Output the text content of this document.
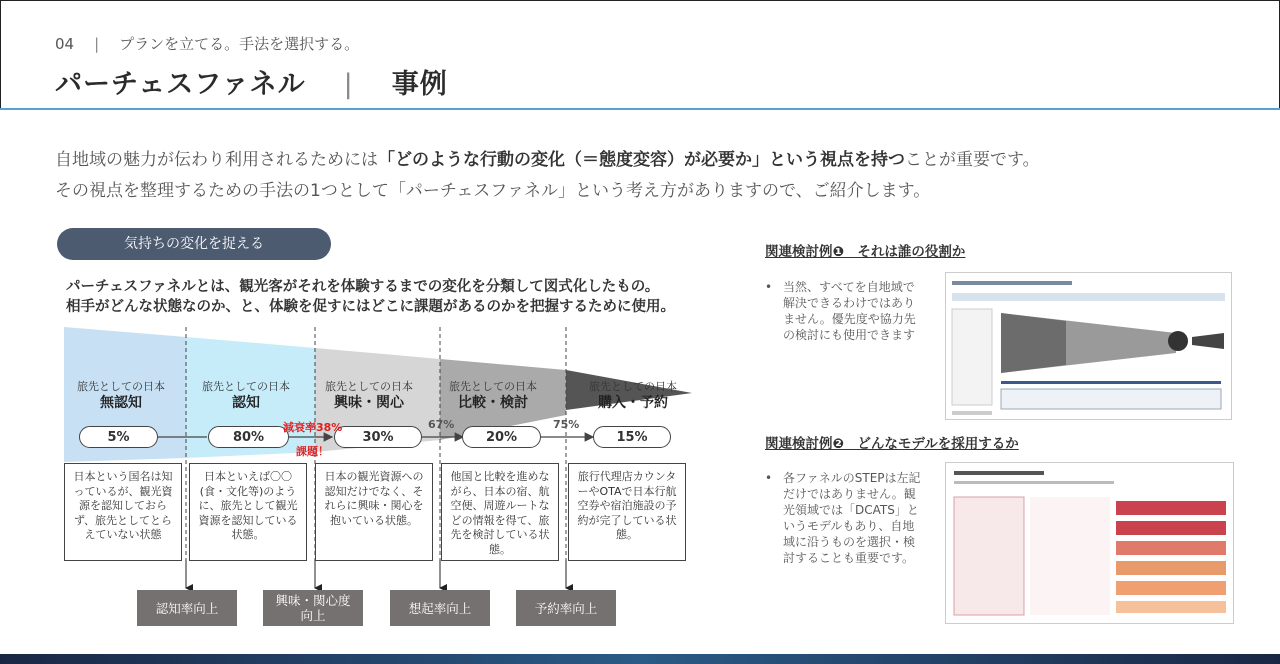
04 | プランを立てる。手法を選択する。
パーチェスファネル | 事例
自地域の魅力が伝わり利用されるためには「どのような行動の変化（＝態度変容）が必要か」という視点を持つことが重要です。
その視点を整理するための手法の1つとして「パーチェスファネル」という考え方がありますので、ご紹介します。
気持ちの変化を捉える
パーチェスファネルとは、観光客がそれを体験するまでの変化を分類して図式化したもの。
相手がどんな状態なのか、と、体験を促すにはどこに課題があるのかを把握するために使用。
旅先としての日本
無認知
旅先としての日本
認知
旅先としての日本
興味・関心
旅先としての日本
比較・検討
旅先としての日本
購入・予約
5%	80%	30%	20%	15%
減衰率38%
課題！
67%	75%
日本という国名は知っているが、観光資源を認知しておらず、旅先としてとらえていない状態
日本といえば〇〇(食・文化等)のように、旅先として観光資源を認知している状態。
日本の観光資源への認知だけでなく、それらに興味・関心を抱いている状態。
他国と比較を進めながら、日本の宿、航空便、周遊ルートなどの情報を得て、旅先を検討している状態。
旅行代理店カウンターやOTAで日本行航空券や宿泊施設の予約が完了している状態。
認知率向上	興味・関心度向上	想起率向上	予約率向上
関連検討例❶　それは誰の役割か
• 当然、すべてを自地域で解決できるわけではありません。優先度や協力先の検討にも使用できます
関連検討例❷　どんなモデルを採用するか
• 各ファネルのSTEPは左記だけではありません。観光領域では「DCATS」というモデルもあり、自地域に沿うものを選択・検討することも重要です。
